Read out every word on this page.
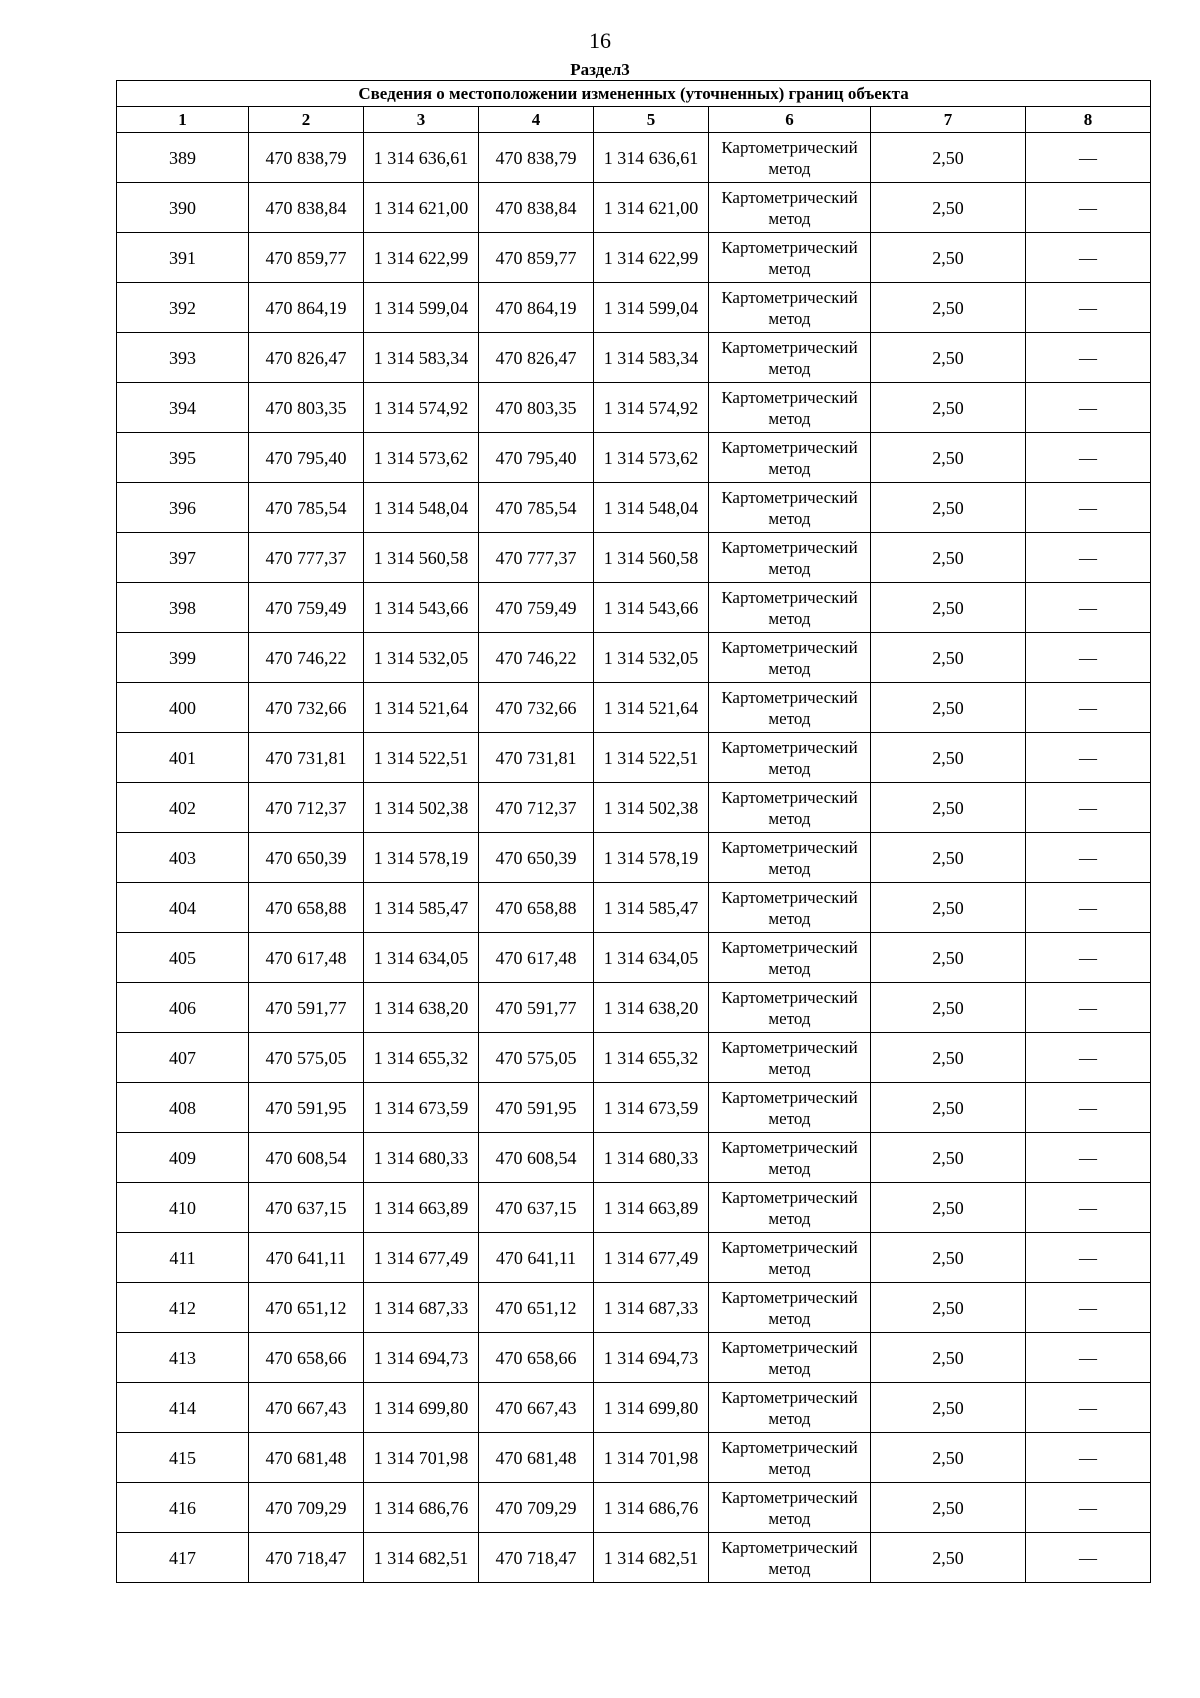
16
Раздел3
Сведения о местоположении измененных (уточненных) границ объекта							
1	2	3	4	5	6	7	8
389	470 838,79	1 314 636,61	470 838,79	1 314 636,61	Картометрический метод	2,50	—
390	470 838,84	1 314 621,00	470 838,84	1 314 621,00	Картометрический метод	2,50	—
391	470 859,77	1 314 622,99	470 859,77	1 314 622,99	Картометрический метод	2,50	—
392	470 864,19	1 314 599,04	470 864,19	1 314 599,04	Картометрический метод	2,50	—
393	470 826,47	1 314 583,34	470 826,47	1 314 583,34	Картометрический метод	2,50	—
394	470 803,35	1 314 574,92	470 803,35	1 314 574,92	Картометрический метод	2,50	—
395	470 795,40	1 314 573,62	470 795,40	1 314 573,62	Картометрический метод	2,50	—
396	470 785,54	1 314 548,04	470 785,54	1 314 548,04	Картометрический метод	2,50	—
397	470 777,37	1 314 560,58	470 777,37	1 314 560,58	Картометрический метод	2,50	—
398	470 759,49	1 314 543,66	470 759,49	1 314 543,66	Картометрический метод	2,50	—
399	470 746,22	1 314 532,05	470 746,22	1 314 532,05	Картометрический метод	2,50	—
400	470 732,66	1 314 521,64	470 732,66	1 314 521,64	Картометрический метод	2,50	—
401	470 731,81	1 314 522,51	470 731,81	1 314 522,51	Картометрический метод	2,50	—
402	470 712,37	1 314 502,38	470 712,37	1 314 502,38	Картометрический метод	2,50	—
403	470 650,39	1 314 578,19	470 650,39	1 314 578,19	Картометрический метод	2,50	—
404	470 658,88	1 314 585,47	470 658,88	1 314 585,47	Картометрический метод	2,50	—
405	470 617,48	1 314 634,05	470 617,48	1 314 634,05	Картометрический метод	2,50	—
406	470 591,77	1 314 638,20	470 591,77	1 314 638,20	Картометрический метод	2,50	—
407	470 575,05	1 314 655,32	470 575,05	1 314 655,32	Картометрический метод	2,50	—
408	470 591,95	1 314 673,59	470 591,95	1 314 673,59	Картометрический метод	2,50	—
409	470 608,54	1 314 680,33	470 608,54	1 314 680,33	Картометрический метод	2,50	—
410	470 637,15	1 314 663,89	470 637,15	1 314 663,89	Картометрический метод	2,50	—
411	470 641,11	1 314 677,49	470 641,11	1 314 677,49	Картометрический метод	2,50	—
412	470 651,12	1 314 687,33	470 651,12	1 314 687,33	Картометрический метод	2,50	—
413	470 658,66	1 314 694,73	470 658,66	1 314 694,73	Картометрический метод	2,50	—
414	470 667,43	1 314 699,80	470 667,43	1 314 699,80	Картометрический метод	2,50	—
415	470 681,48	1 314 701,98	470 681,48	1 314 701,98	Картометрический метод	2,50	—
416	470 709,29	1 314 686,76	470 709,29	1 314 686,76	Картометрический метод	2,50	—
417	470 718,47	1 314 682,51	470 718,47	1 314 682,51	Картометрический метод	2,50	—
